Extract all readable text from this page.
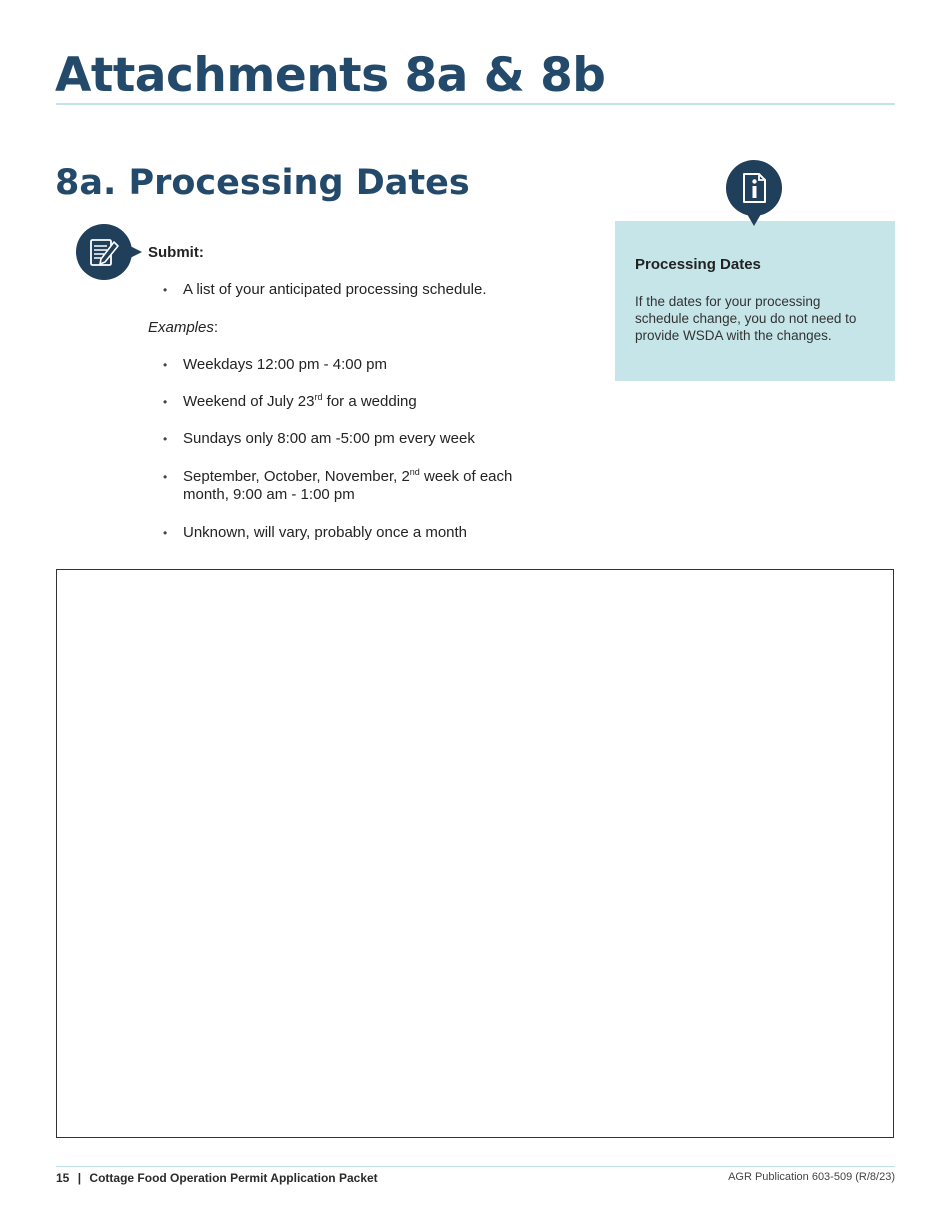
Attachments 8a & 8b
8a. Processing Dates

Submit:

• A list of your anticipated processing schedule.

Examples:

• Weekdays 12:00 pm - 4:00 pm
• Weekend of July 23rd for a wedding
• Sundays only 8:00 am -5:00 pm every week
• September, October, November, 2nd week of each month, 9:00 am - 1:00 pm
• Unknown, will vary, probably once a month

Processing Dates

If the dates for your processing schedule change, you do not need to provide WSDA with the changes.

15 | Cottage Food Operation Permit Application Packet	AGR Publication 603-509 (R/8/23)
